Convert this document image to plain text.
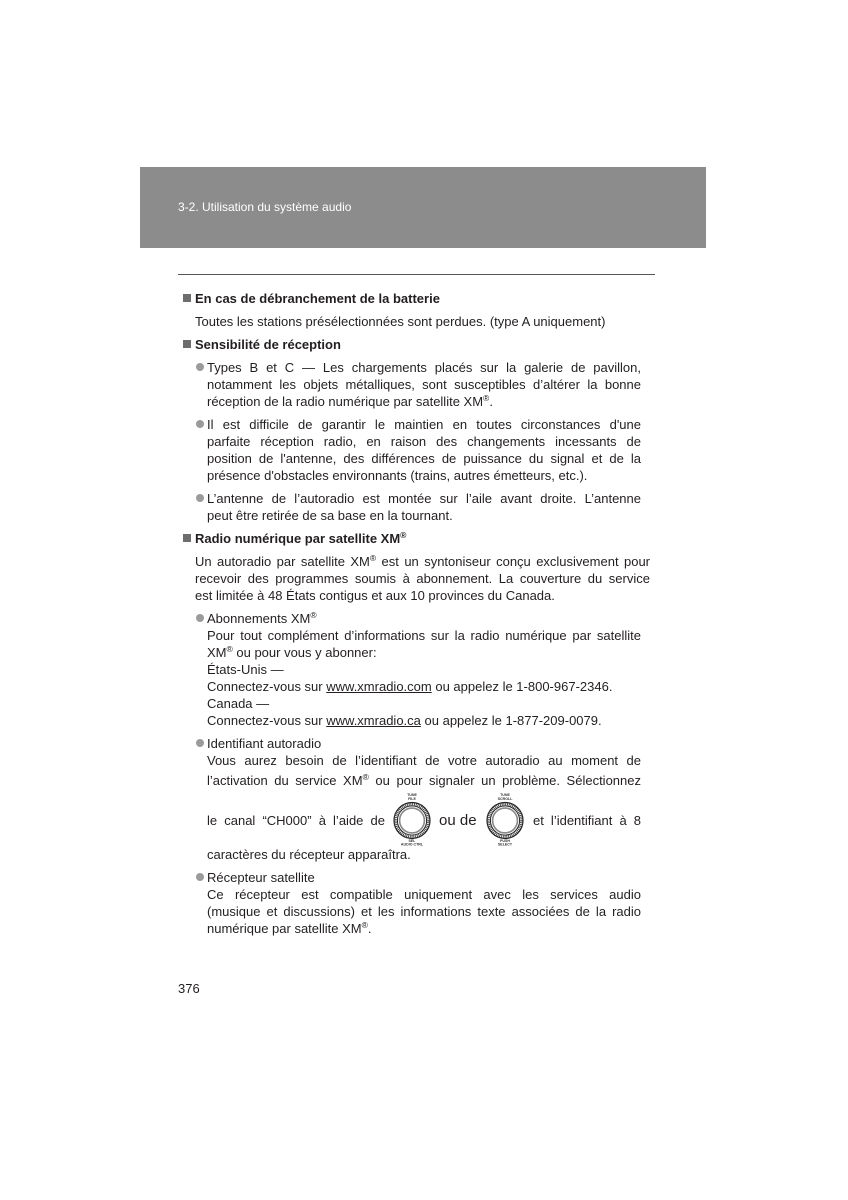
3-2. Utilisation du système audio
En cas de débranchement de la batterie
Toutes les stations présélectionnées sont perdues. (type A uniquement)
Sensibilité de réception
Types B et C — Les chargements placés sur la galerie de pavillon,
notamment les objets métalliques, sont susceptibles d’altérer la bonne
réception de la radio numérique par satellite XM®.
Il est difficile de garantir le maintien en toutes circonstances d'une
parfaite réception radio, en raison des changements incessants de
position de l'antenne, des différences de puissance du signal et de la
présence d'obstacles environnants (trains, autres émetteurs, etc.).
L’antenne de l’autoradio est montée sur l’aile avant droite. L’antenne
peut être retirée de sa base en la tournant.
Radio numérique par satellite XM®
Un autoradio par satellite XM® est un syntoniseur conçu exclusivement pour
recevoir des programmes soumis à abonnement. La couverture du service
est limitée à 48 États contigus et aux 10 provinces du Canada.
Abonnements XM®
Pour tout complément d’informations sur la radio numérique par satellite
XM® ou pour vous y abonner:
États-Unis —
Connectez-vous sur www.xmradio.com ou appelez le 1-800-967-2346.
Canada —
Connectez-vous sur www.xmradio.ca ou appelez le 1-877-209-0079.
Identifiant autoradio
Vous aurez besoin de l’identifiant de votre autoradio au moment de
l’activation du service XM® ou pour signaler un problème. Sélectionnez
le canal “CH000” à l’aide de
TUNE
FILE
SEL
AUDIO CTRL
ou de
TUNE
SCROLL
PUSH
SELECT
et l’identifiant à 8
caractères du récepteur apparaîtra.
Récepteur satellite
Ce récepteur est compatible uniquement avec les services audio
(musique et discussions) et les informations texte associées de la radio
numérique par satellite XM®.
376
